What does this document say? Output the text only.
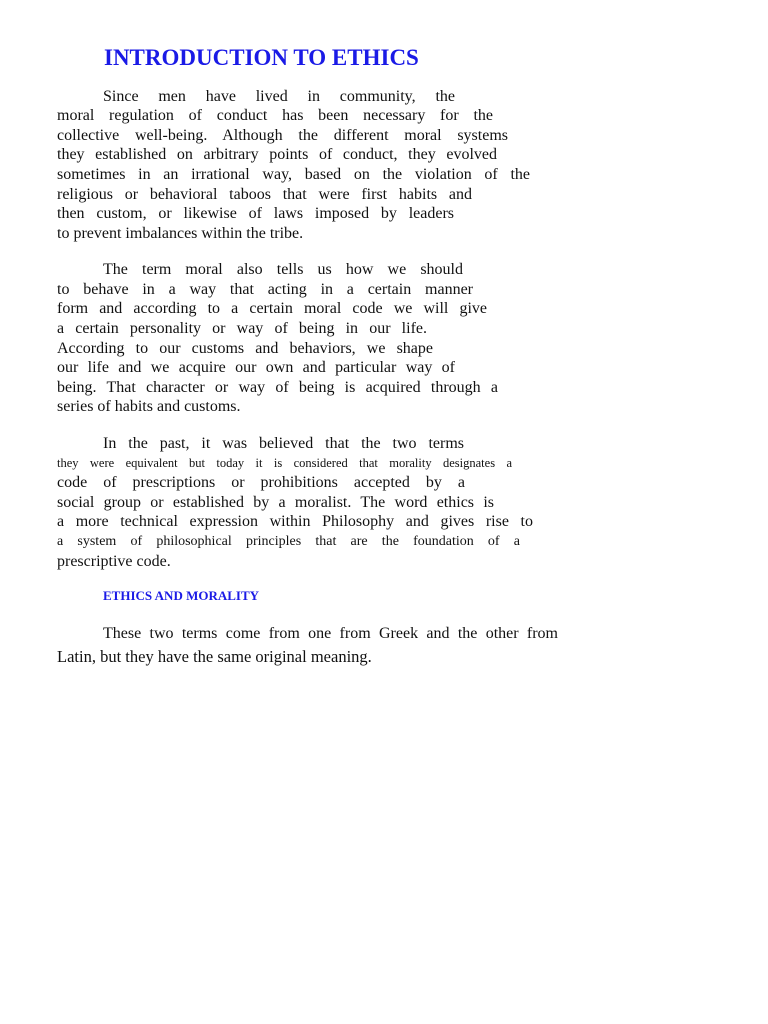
INTRODUCTION TO ETHICS
Since men have lived in community, the
moral regulation of conduct has been necessary for the
collective well-being. Although the different moral systems
they established on arbitrary points of conduct, they evolved
sometimes in an irrational way, based on the violation of the
religious or behavioral taboos that were first habits and
then custom, or likewise of laws imposed by leaders
to prevent imbalances within the tribe.
The term moral also tells us how we should
to behave in a way that acting in a certain manner
form and according to a certain moral code we will give
a certain personality or way of being in our life.
According to our customs and behaviors, we shape
our life and we acquire our own and particular way of
being. That character or way of being is acquired through a
series of habits and customs.
In the past, it was believed that the two terms
they were equivalent but today it is considered that morality designates a
code of prescriptions or prohibitions accepted by a
social group or established by a moralist. The word ethics is
a more technical expression within Philosophy and gives rise to
a system of philosophical principles that are the foundation of a
prescriptive code.
ETHICS AND MORALITY
These two terms come from one from Greek and the other from
Latin, but they have the same original meaning.
